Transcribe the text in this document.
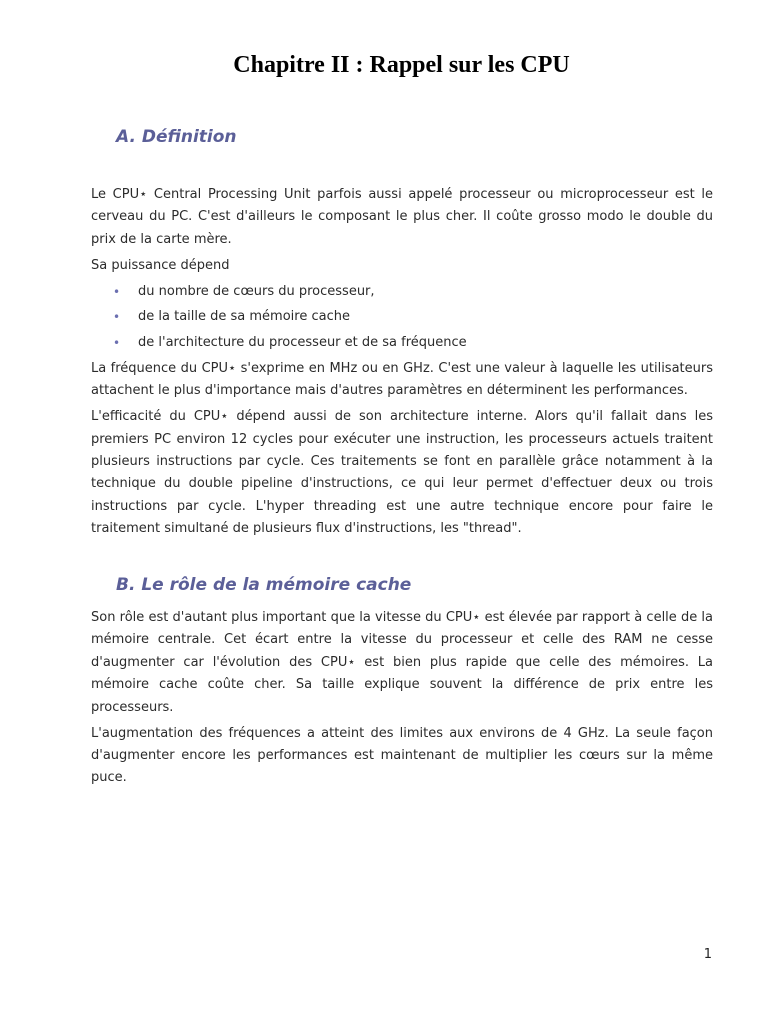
Chapitre II : Rappel sur les CPU
A. Définition

Le CPU⋆ Central Processing Unit parfois aussi appelé processeur ou microprocesseur est le cerveau du PC. C'est d'ailleurs le composant le plus cher. Il coûte grosso modo le double du prix de la carte mère.

Sa puissance dépend

• du nombre de cœurs du processeur,
• de la taille de sa mémoire cache
• de l'architecture du processeur et de sa fréquence

La fréquence du CPU⋆ s'exprime en MHz ou en GHz. C'est une valeur à laquelle les utilisateurs attachent le plus d'importance mais d'autres paramètres en déterminent les performances.

L'efficacité du CPU⋆ dépend aussi de son architecture interne. Alors qu'il fallait dans les premiers PC environ 12 cycles pour exécuter une instruction, les processeurs actuels traitent plusieurs instructions par cycle. Ces traitements se font en parallèle grâce notamment à la technique du double pipeline d'instructions, ce qui leur permet d'effectuer deux ou trois instructions par cycle. L'hyper threading est une autre technique encore pour faire le traitement simultané de plusieurs flux d'instructions, les "thread".

B. Le rôle de la mémoire cache

Son rôle est d'autant plus important que la vitesse du CPU⋆ est élevée par rapport à celle de la mémoire centrale. Cet écart entre la vitesse du processeur et celle des RAM ne cesse d'augmenter car l'évolution des CPU⋆ est bien plus rapide que celle des mémoires. La mémoire cache coûte cher. Sa taille explique souvent la différence de prix entre les processeurs.

L'augmentation des fréquences a atteint des limites aux environs de 4 GHz. La seule façon d'augmenter encore les performances est maintenant de multiplier les cœurs sur la même puce.

1
